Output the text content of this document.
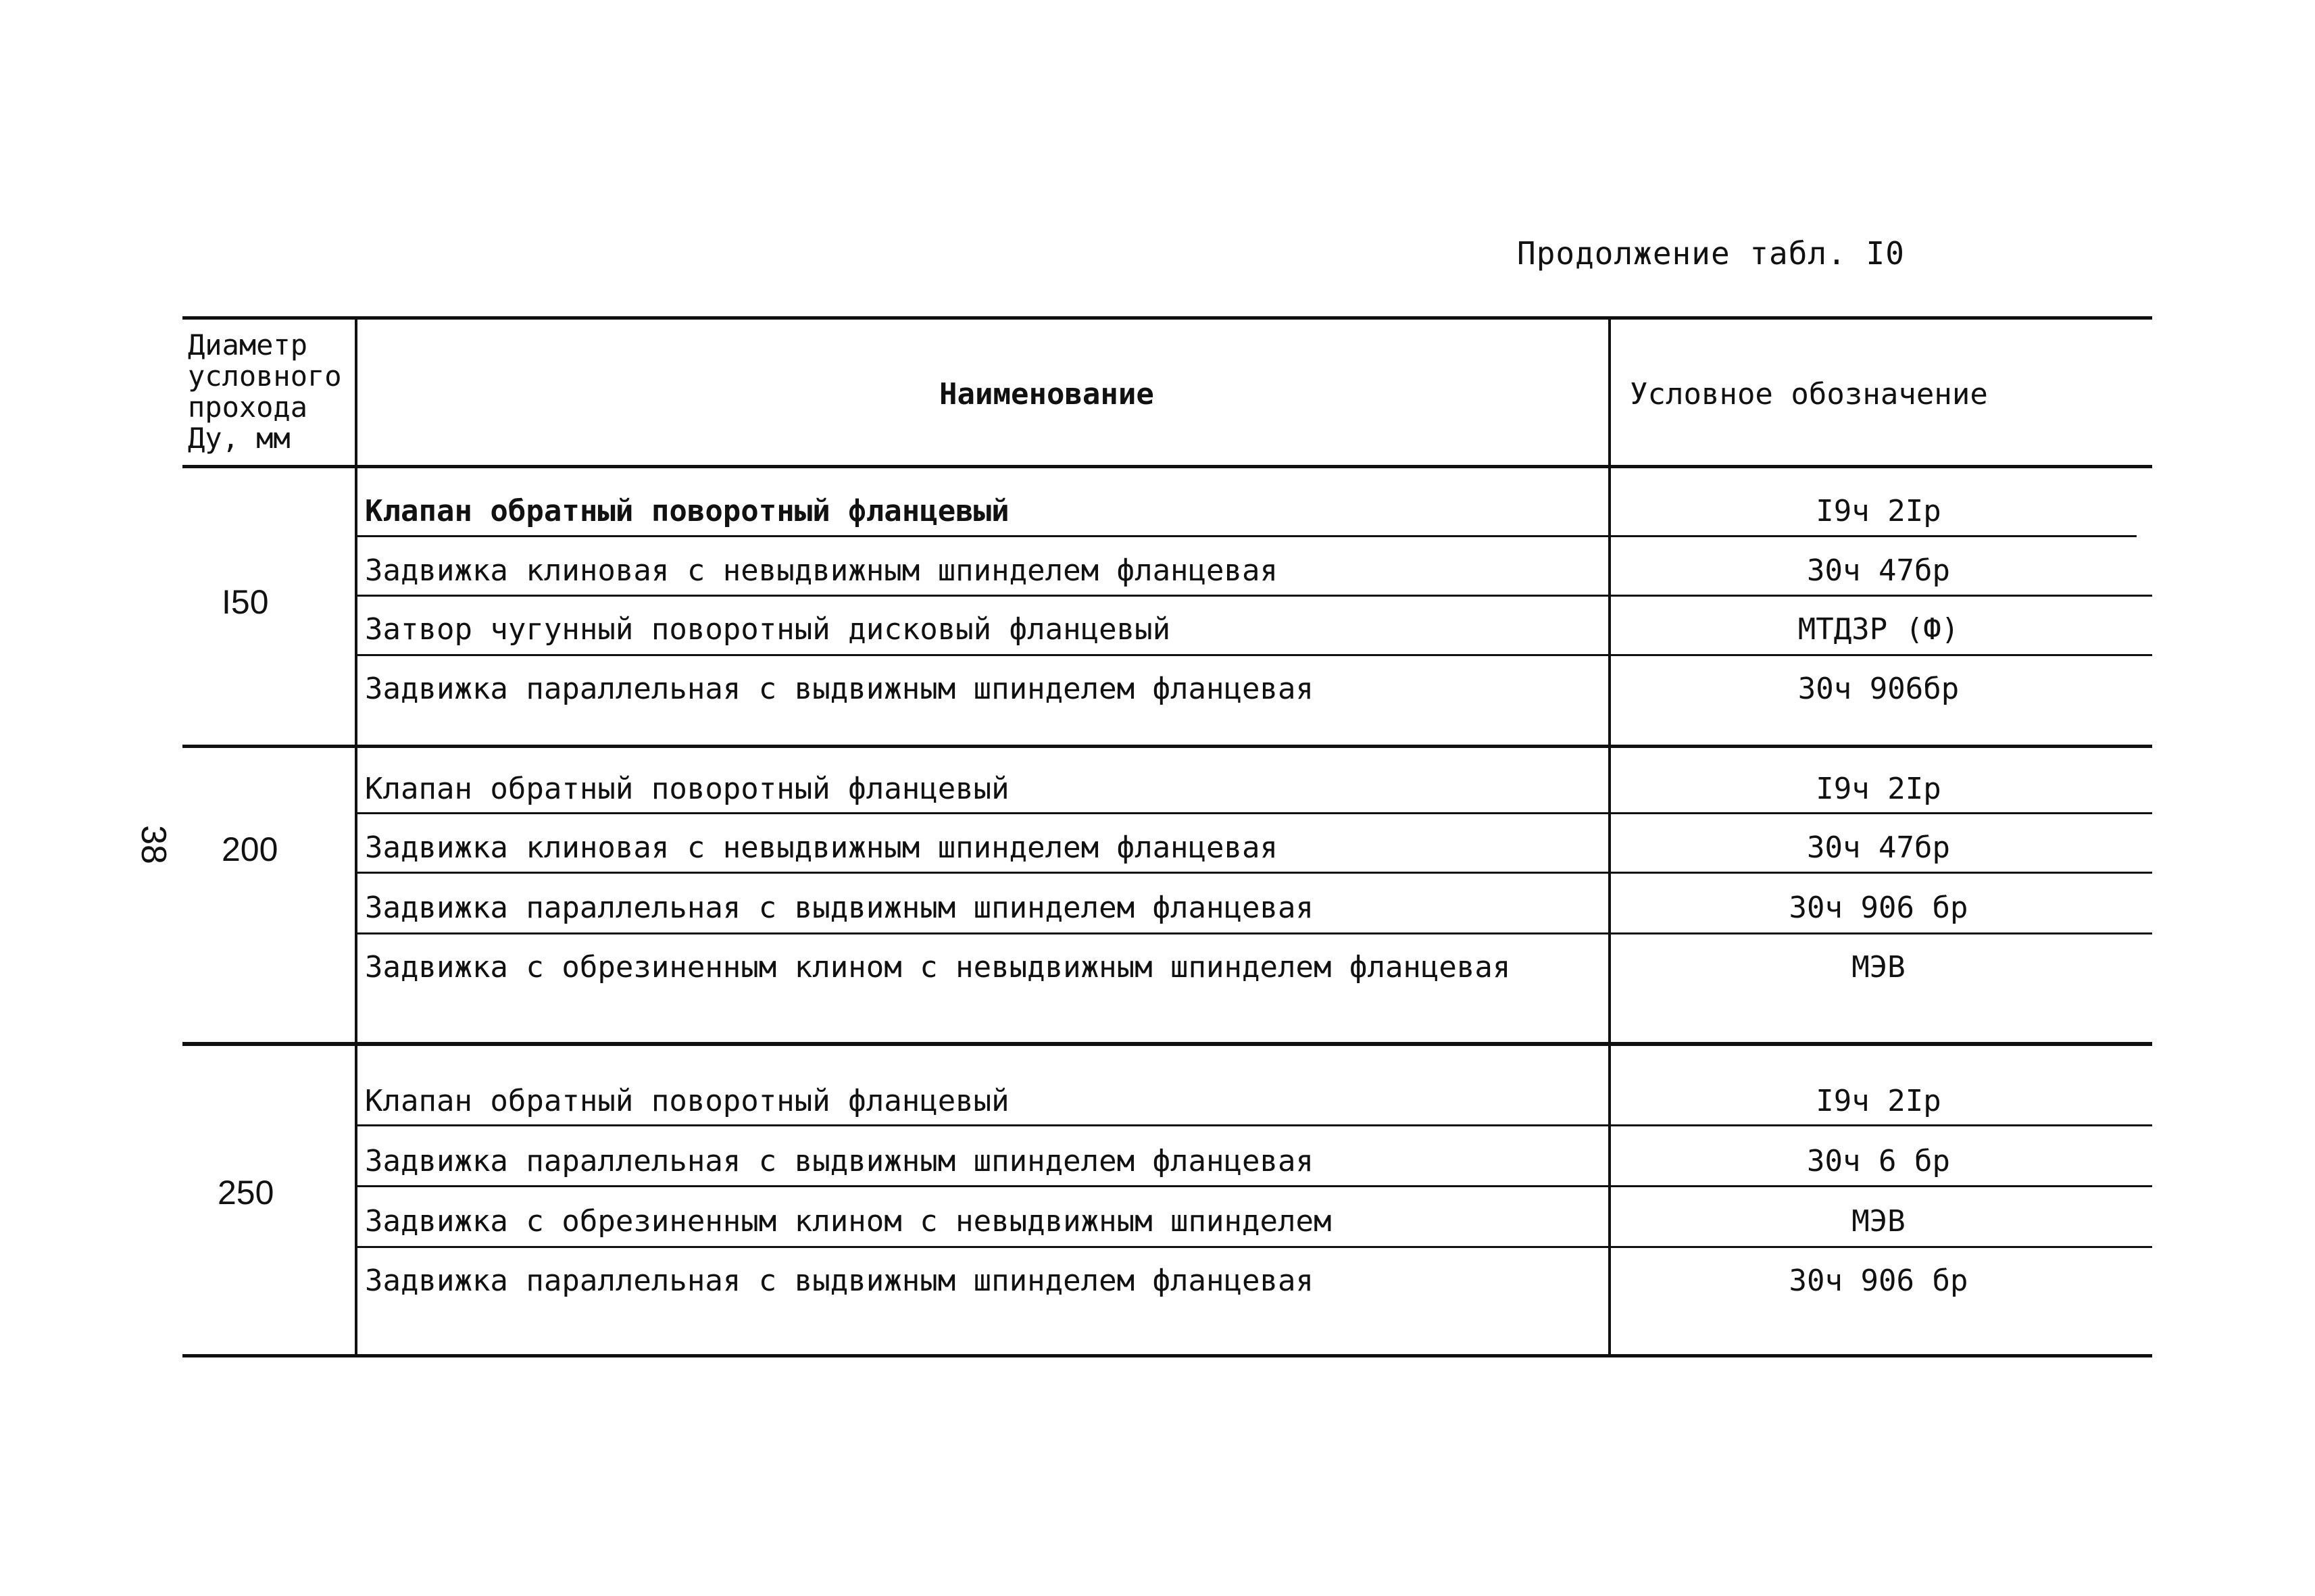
Продолжение табл. I0
38
Диаметр
условного
прохода
Ду, мм
Наименование	Условное обозначение
I50
Клапан обратный поворотный фланцевый	I9ч 2Iр
Задвижка клиновая с невыдвижным шпинделем фланцевая	30ч 47бр
Затвор чугунный поворотный дисковый фланцевый	МТДЗР (Ф)
Задвижка параллельная с выдвижным шпинделем фланцевая	30ч 906бр
200
Клапан обратный поворотный фланцевый	I9ч 2Iр
Задвижка клиновая с невыдвижным шпинделем фланцевая	30ч 47бр
Задвижка параллельная с выдвижным шпинделем фланцевая	30ч 906 бр
Задвижка с обрезиненным клином с невыдвижным шпинделем фланцевая	МЭВ
250
Клапан обратный поворотный фланцевый	I9ч 2Iр
Задвижка параллельная с выдвижным шпинделем фланцевая	30ч 6 бр
Задвижка с обрезиненным клином с невыдвижным шпинделем	МЭВ
Задвижка параллельная с выдвижным шпинделем фланцевая	30ч 906 бр
